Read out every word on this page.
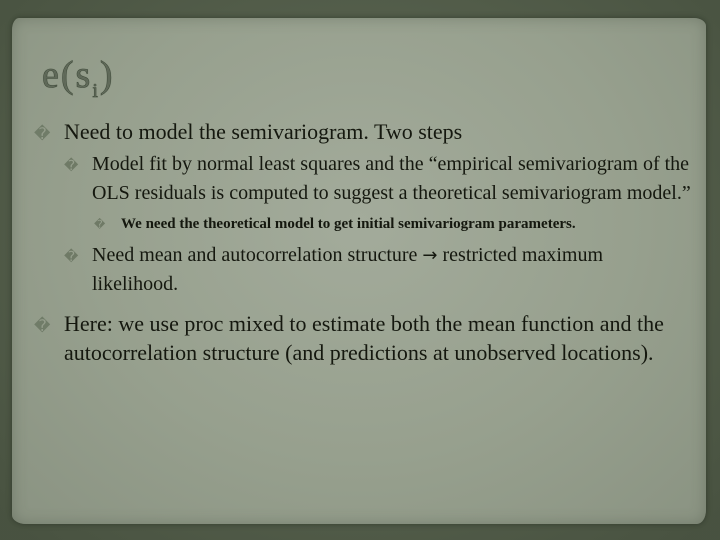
$e(s_i)$
� Need to model the semivariogram. Two steps
� Model fit by normal least squares and the “empirical semivariogram of the OLS residuals is computed to suggest a theoretical semivariogram model.”
� We need the theoretical model to get initial semivariogram parameters.
� Need mean and autocorrelation structure → restricted maximum likelihood.
� Here: we use proc mixed to estimate both the mean function and the autocorrelation structure (and predictions at unobserved locations).
